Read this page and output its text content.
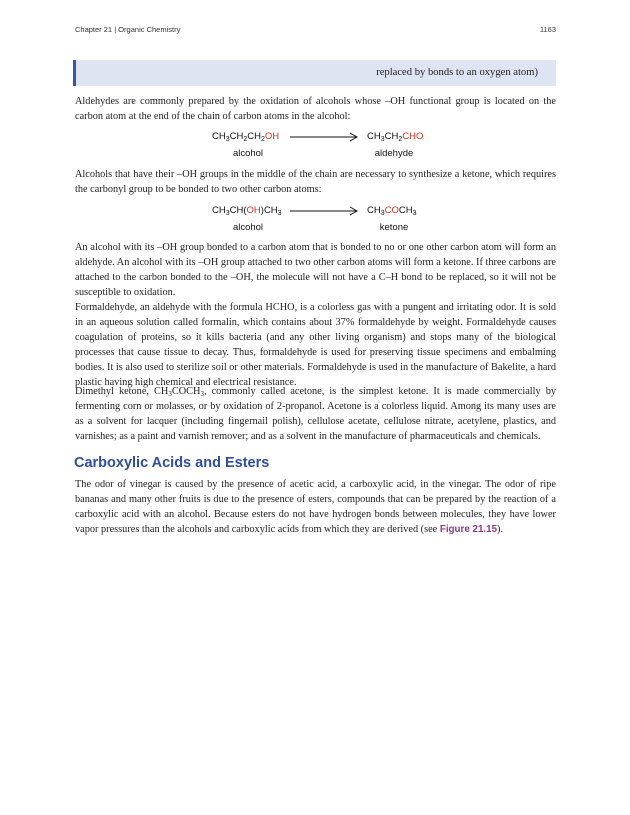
Chapter 21 | Organic Chemistry	1163
replaced by bonds to an oxygen atom)

Aldehydes are commonly prepared by the oxidation of alcohols whose –OH functional group is located on the carbon atom at the end of the chain of carbon atoms in the alcohol:

$CH_3CH_2CH_2OH$	$CH_3CH_2CHO$
alcohol	aldehyde

Alcohols that have their –OH groups in the middle of the chain are necessary to synthesize a ketone, which requires the carbonyl group to be bonded to two other carbon atoms:

$CH_3CH(OH)CH_3$	$CH_3COCH_3$
alcohol	ketone

An alcohol with its –OH group bonded to a carbon atom that is bonded to no or one other carbon atom will form an aldehyde. An alcohol with its –OH group attached to two other carbon atoms will form a ketone. If three carbons are attached to the carbon bonded to the –OH, the molecule will not have a C–H bond to be replaced, so it will not be susceptible to oxidation.

Formaldehyde, an aldehyde with the formula HCHO, is a colorless gas with a pungent and irritating odor. It is sold in an aqueous solution called formalin, which contains about 37% formaldehyde by weight. Formaldehyde causes coagulation of proteins, so it kills bacteria (and any other living organism) and stops many of the biological processes that cause tissue to decay. Thus, formaldehyde is used for preserving tissue specimens and embalming bodies. It is also used to sterilize soil or other materials. Formaldehyde is used in the manufacture of Bakelite, a hard plastic having high chemical and electrical resistance.

Dimethyl ketone, $CH_3COCH_3$, commonly called acetone, is the simplest ketone. It is made commercially by fermenting corn or molasses, or by oxidation of 2-propanol. Acetone is a colorless liquid. Among its many uses are as a solvent for lacquer (including fingernail polish), cellulose acetate, cellulose nitrate, acetylene, plastics, and varnishes; as a paint and varnish remover; and as a solvent in the manufacture of pharmaceuticals and chemicals.

Carboxylic Acids and Esters

The odor of vinegar is caused by the presence of acetic acid, a carboxylic acid, in the vinegar. The odor of ripe bananas and many other fruits is due to the presence of esters, compounds that can be prepared by the reaction of a carboxylic acid with an alcohol. Because esters do not have hydrogen bonds between molecules, they have lower vapor pressures than the alcohols and carboxylic acids from which they are derived (see Figure 21.15).
